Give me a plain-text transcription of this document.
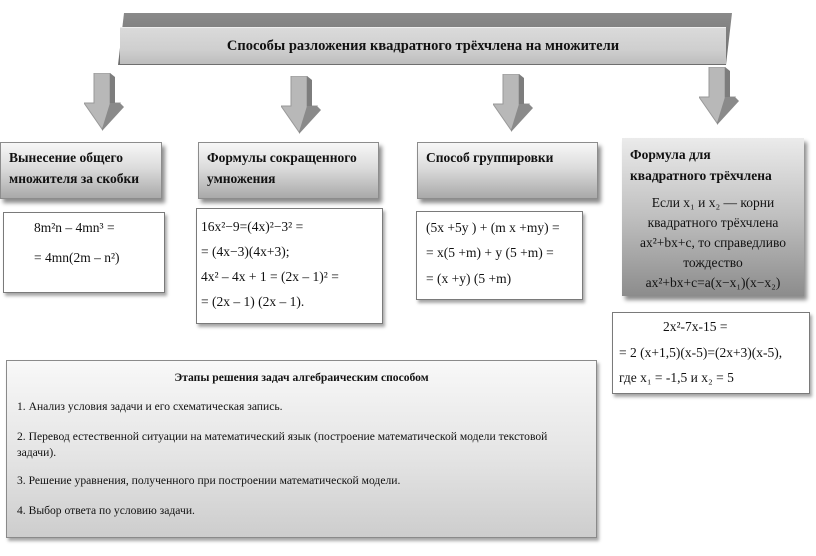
Способы разложения квадратного трёхчлена на множители
Вынесение общего
множителя за скобки
8m²n – 4mn³ =
= 4mn(2m – n²)
Формулы сокращенного
умножения
16x²−9=(4x)²−3² =
= (4x−3)(4x+3);
4x² – 4x + 1 = (2x – 1)² =
= (2x – 1) (2x – 1).
Способ группировки
(5x +5y ) + (m x +my) =
= x(5 +m) + y (5 +m) =
= (x +y) (5 +m)
Формула для
квадратного трёхчлена
Если x₁ и x₂ — корни
квадратного трёхчлена
ax²+bx+c, то справедливо
тождество
ax²+bx+c=a(x−x₁)(x−x₂)
2x²-7x-15 =
= 2 (x+1,5)(x-5)=(2x+3)(x-5),
где x₁ = -1,5 и x₂ = 5
Этапы решения задач алгебраическим способом
1. Анализ условия задачи и его схематическая запись.
2. Перевод естественной ситуации на математический язык (построение математической модели текстовой задачи).
3. Решение уравнения, полученного при построении математической модели.
4. Выбор ответа по условию задачи.
